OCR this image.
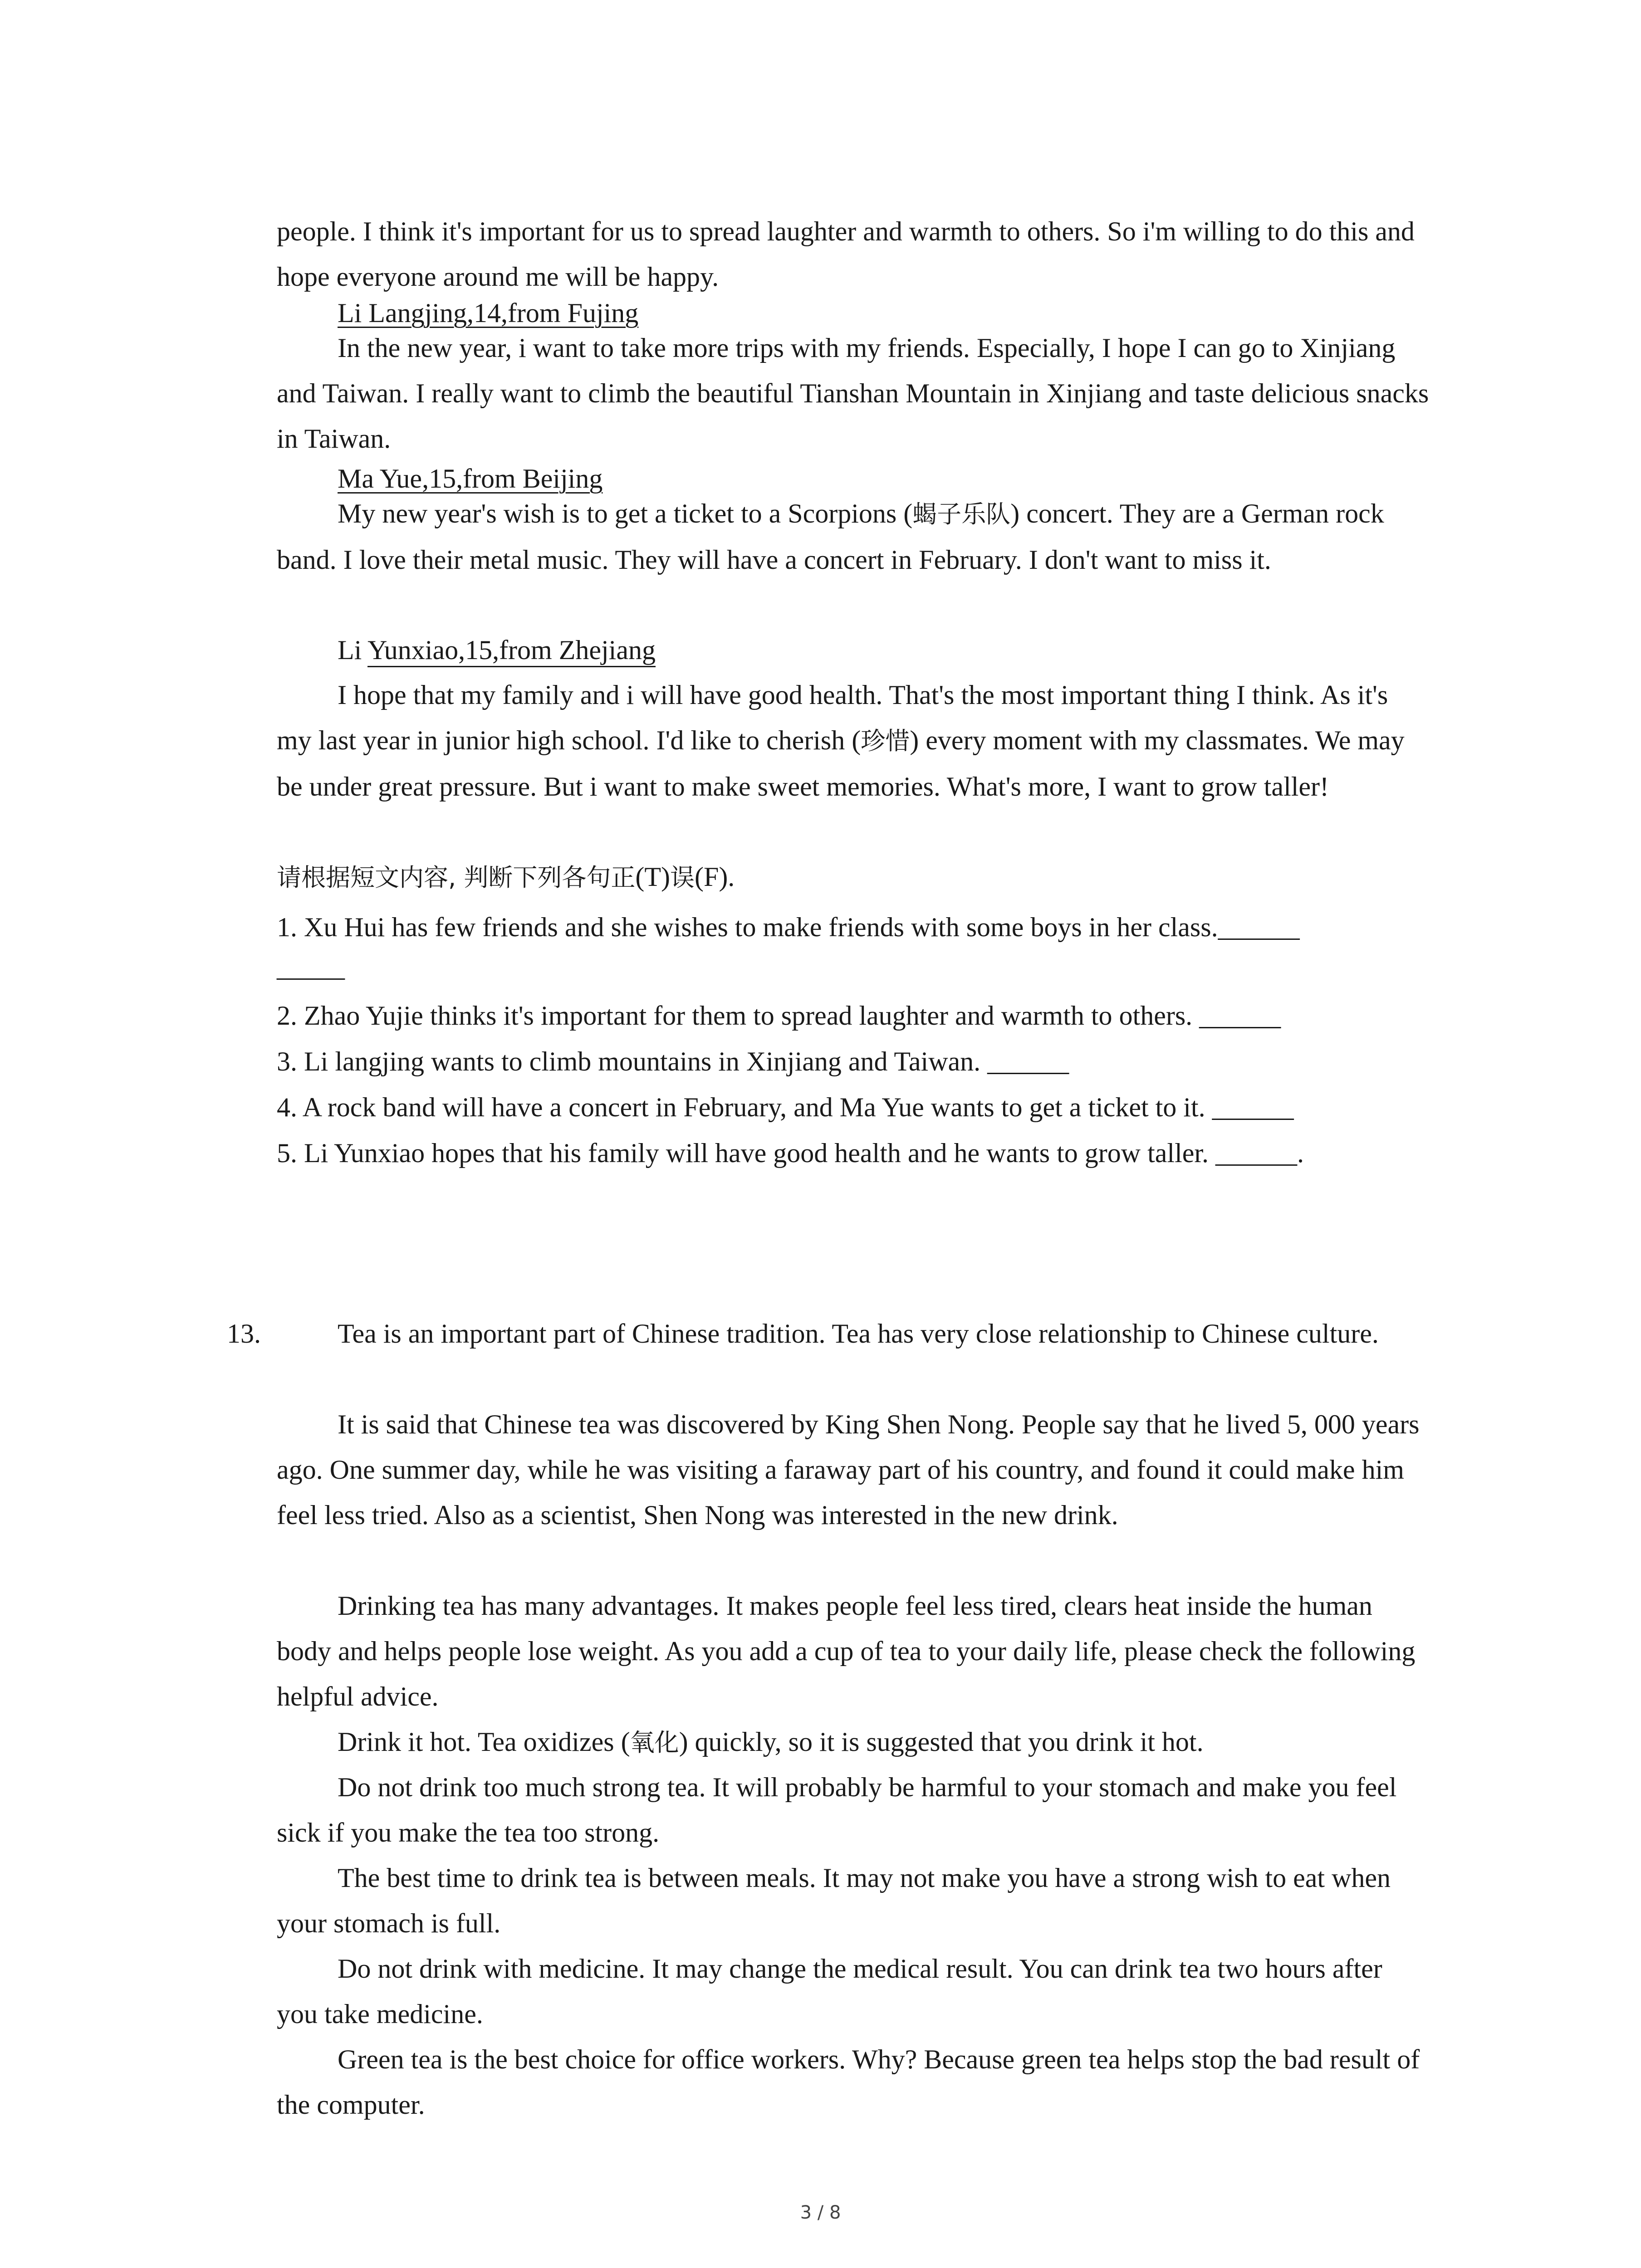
people. I think it's important for us to spread laughter and warmth to others. So i'm willing to do this and hope everyone around me will be happy.

Li Langjing,14,from Fujing

In the new year, i want to take more trips with my friends. Especially, I hope I can go to Xinjiang and Taiwan. I really want to climb the beautiful Tianshan Mountain in Xinjiang and taste delicious snacks in Taiwan.

Ma Yue,15,from Beijing

My new year's wish is to get a ticket to a Scorpions (蝎子乐队) concert. They are a German rock band. I love their metal music. They will have a concert in February. I don't want to miss it.

Li Yunxiao,15,from Zhejiang

I hope that my family and i will have good health. That's the most important thing I think. As it's my last year in junior high school. I'd like to cherish (珍惜) every moment with my classmates. We may be under great pressure. But i want to make sweet memories. What's more, I want to grow taller!

请根据短文内容, 判断下列各句正(T)误(F).

1. Xu Hui has few friends and she wishes to make friends with some boys in her class.______

_____

2. Zhao Yujie thinks it's important for them to spread laughter and warmth to others. ______

3. Li langjing wants to climb mountains in Xinjiang and Taiwan. ______

4. A rock band will have a concert in February, and Ma Yue wants to get a ticket to it. ______

5. Li Yunxiao hopes that his family will have good health and he wants to grow taller. ______.

13.	Tea is an important part of Chinese tradition. Tea has very close relationship to Chinese culture.

It is said that Chinese tea was discovered by King Shen Nong. People say that he lived 5, 000 years ago. One summer day, while he was visiting a faraway part of his country, and found it could make him feel less tried. Also as a scientist, Shen Nong was interested in the new drink.

Drinking tea has many advantages. It makes people feel less tired, clears heat inside the human body and helps people lose weight. As you add a cup of tea to your daily life, please check the following helpful advice.

Drink it hot. Tea oxidizes (氧化) quickly, so it is suggested that you drink it hot.

Do not drink too much strong tea. It will probably be harmful to your stomach and make you feel sick if you make the tea too strong.

The best time to drink tea is between meals. It may not make you have a strong wish to eat when your stomach is full.

Do not drink with medicine. It may change the medical result. You can drink tea two hours after you take medicine.

Green tea is the best choice for office workers. Why? Because green tea helps stop the bad result of the computer.

3 / 8
